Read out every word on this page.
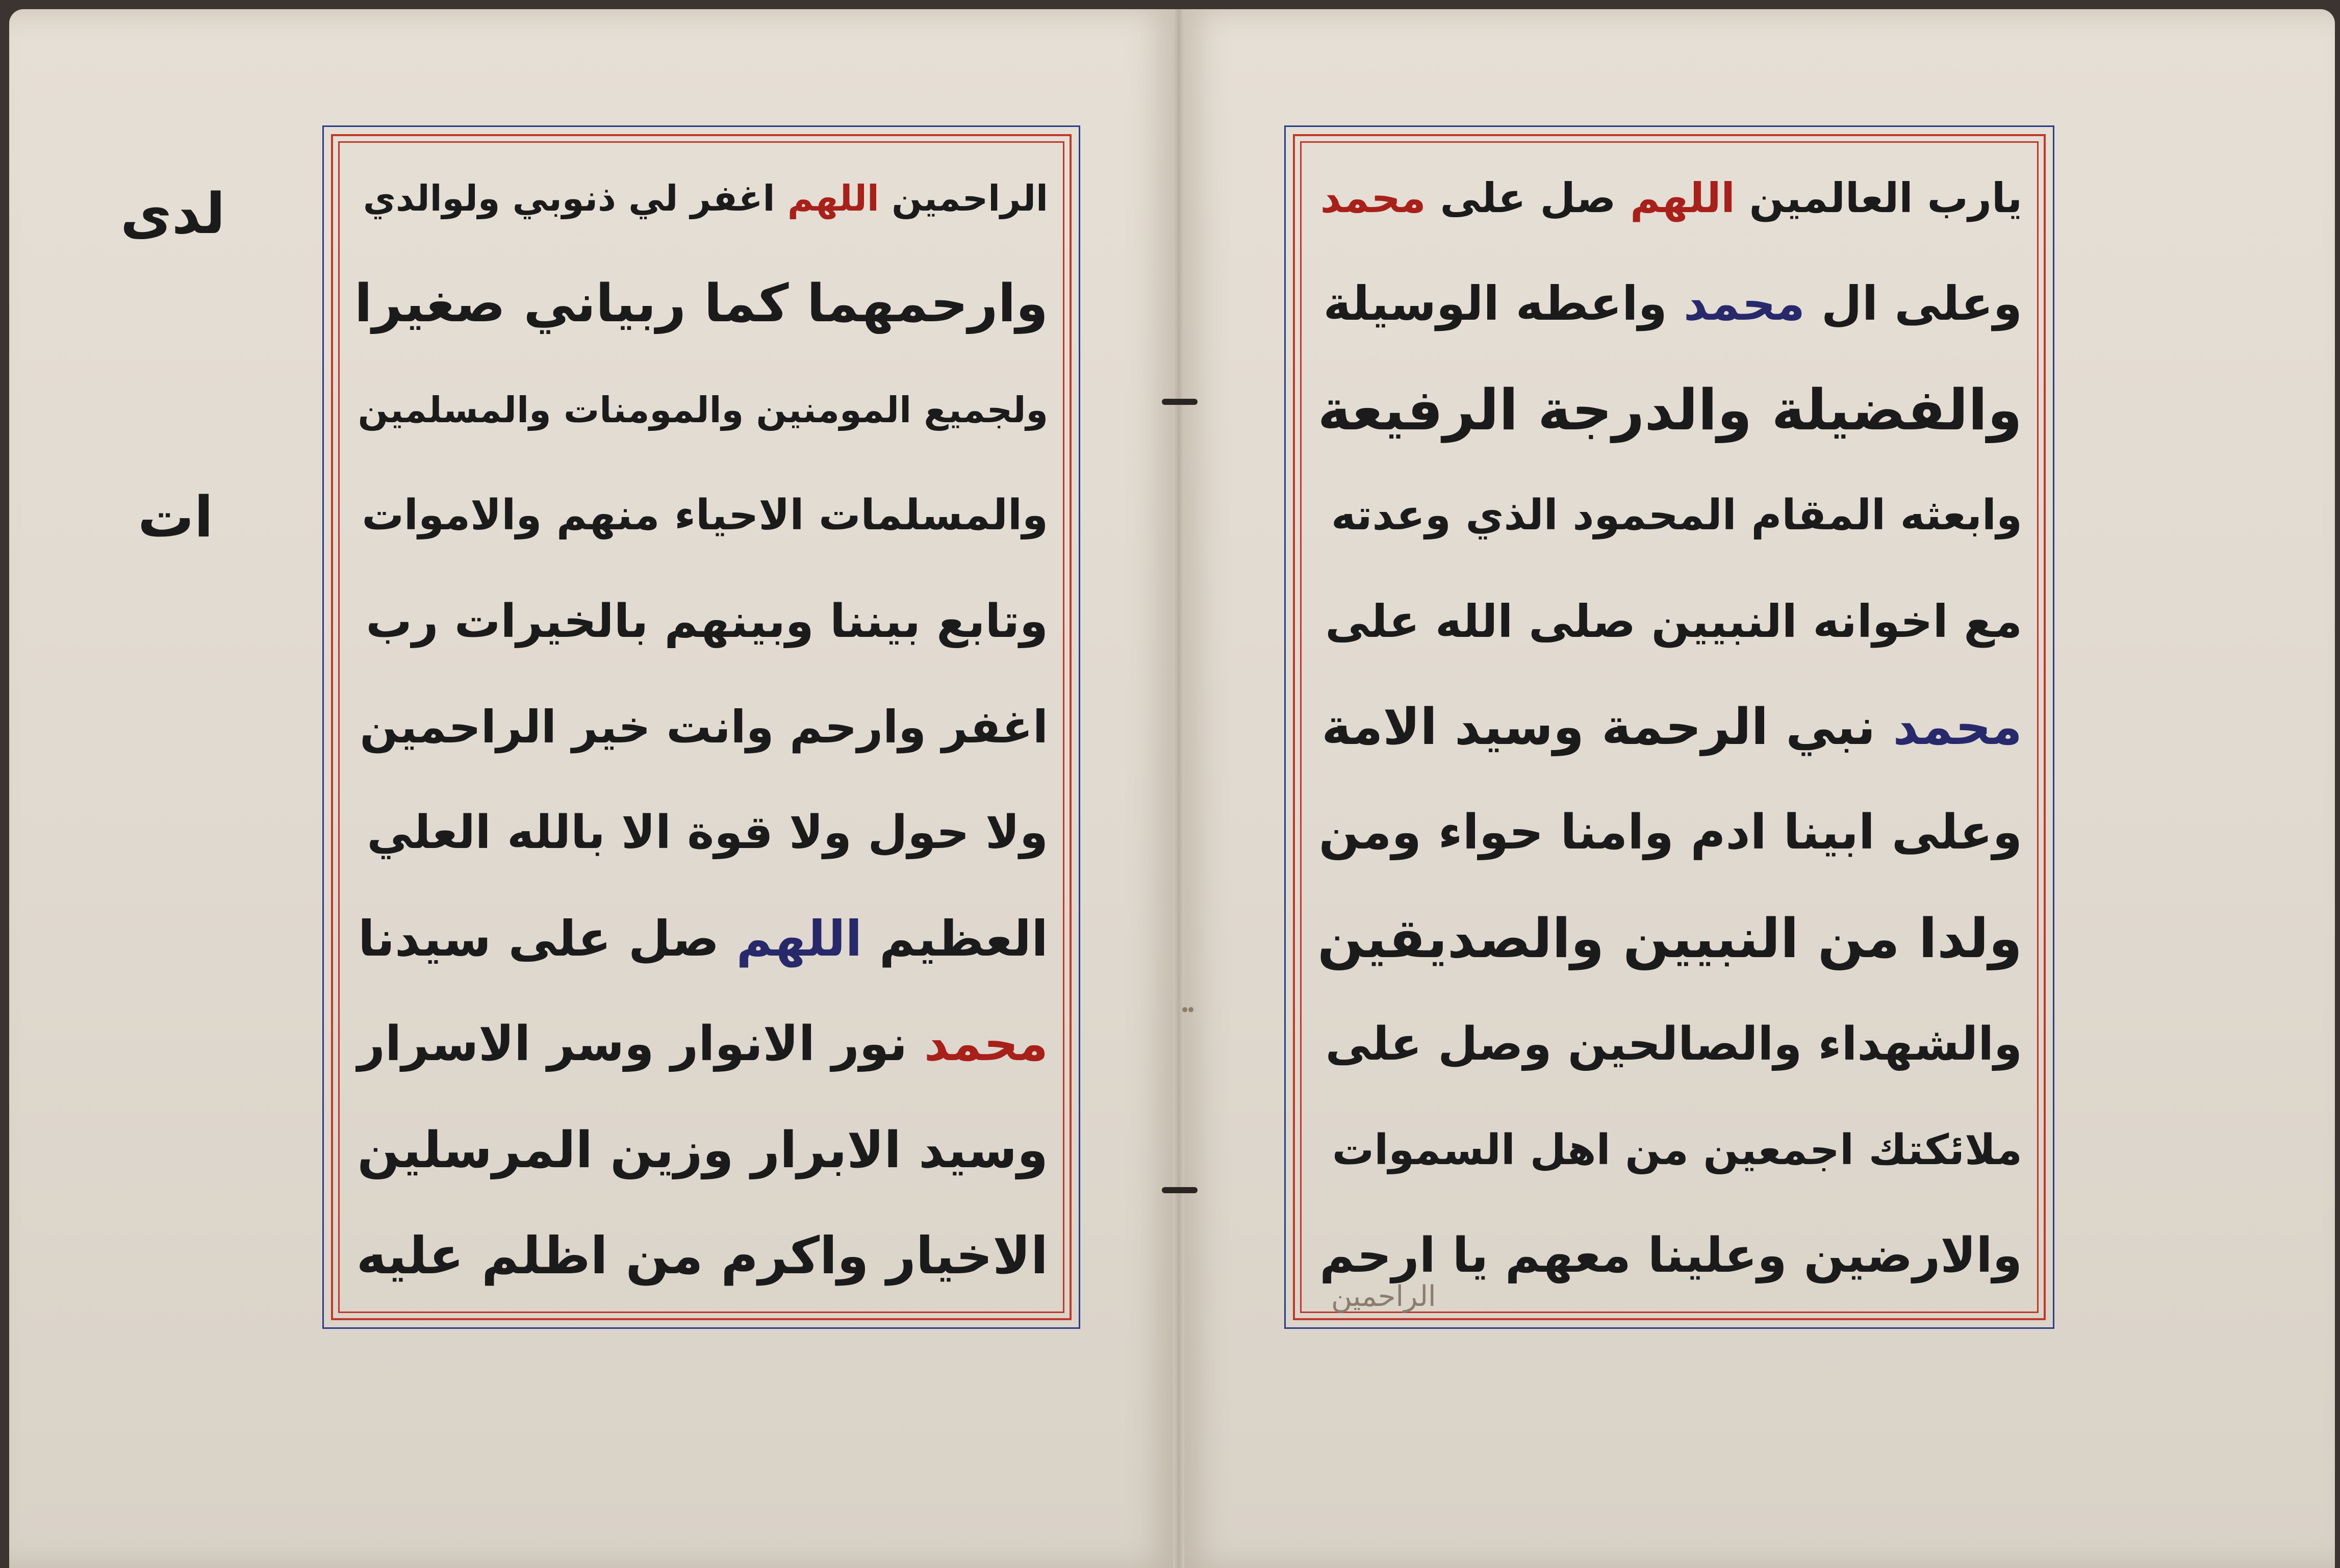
لدى
ات
الراحمين اللهم اغفر لي ذنوبي ولوالدي
وارحمهما كما ربياني صغيرا
ولجميع المومنين والمومنات والمسلمين
والمسلمات الاحياء منهم والاموات
وتابع بيننا وبينهم بالخيرات رب
اغفر وارحم وانت خير الراحمين
ولا حول ولا قوة الا بالله العلي
العظيم اللهم صل على سيدنا
محمد نور الانوار وسر الاسرار
وسيد الابرار وزين المرسلين
الاخيار واكرم من اظلم عليه
يارب العالمين اللهم صل على محمد
وعلى ال محمد واعطه الوسيلة
والفضيلة والدرجة الرفيعة
وابعثه المقام المحمود الذي وعدته
مع اخوانه النبيين صلى الله على
محمد نبي الرحمة وسيد الامة
وعلى ابينا ادم وامنا حواء ومن
ولدا من النبيين والصديقين
والشهداء والصالحين وصل على
ملائكتك اجمعين من اهل السموات
والارضين وعلينا معهم يا ارحم
الراحمين
